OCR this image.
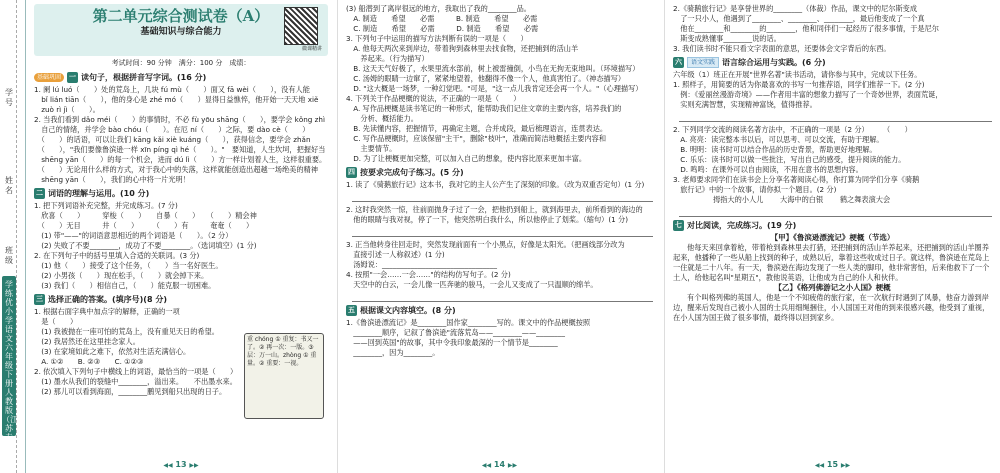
学号
姓名
班级
学练优小学语文六年级下册人教版（江苏专版）
第二单元综合测试卷（A）
基础知识与综合能力
微课精讲
考试时间：90 分钟　满分：100 分　成绩：
基础巩固	一 读句子，根据拼音写字词。(16 分)
1. 阑 lú luó（　　）处的荒岛上，几块 fú mù（　　）面又 fā wèi（　　），没有人能
　bǐ lián tiān（　　），他的身心是 zhé mó（　　）显得日益憔悴，他开始一天天地 xiě
　zuò rì jì（　　）。
2. 当我们看到 dǎo méi（　　）的事情时，不必 fù yōu shāng（　　），要学会 kǒng zhì
　自己的情绪，并学会 bào chóu（　　）。在厄 ní（　　）之际，要 dào cè（　　）
　（　　）的话语，可以让我们 kāng kǎi xiè kuáng（　　），获得信念，要学会 zhǎn
　（　　），"我们要像鲁滨逊一样 xīn píng qì hé（　　）。"　要知道，人生坎坷，把握好当
　shēng yān（　　）的每一个机会，进而 dú lì（　　）方一样计划着人生，这样很重要。
　（　　）无论用什么样的方式，对于我心中的失落，这样就能创造出超越一场绝美的精神
　shēng yān（　　），我们的心中将一片光明！
二 词语的理解与运用。(10 分)
1. 把下列词语补充完整，并完成练习。(7 分)
　欣喜（　　）　　　穿梭（　　）　　自暴（　　）　　（　　）精会神
　（　　）无目　　　井（　　）　　　（　　）有　　　奄奄（　　）
　(1) 带"——"的词语意思相近的两个词语是（　　）。（2 分）
　(2) 失败了不要________，成功了不要________。（选词填空）(1 分)
2. 在下列句子中的括号里填入合适的关联词。(3 分)
　(1) 他（　　）接受了这个任务，（　　）当一名好医生。
　(2) 小男孩（　　）现在松手，（　　）就会掉下来。
　(3) 我们（　　）相信自己，（　　）能克服一切困难。
三 选择正确的答案。(填序号)(8 分)
1. 根据右面字典中加点字的解释，正确的一项
　是（　　）
　(1) 我被抛在一座可怕的荒岛上，没有重见天日的希望。
　(2) 我居然还在这里挂念家人。
　(3) 在家境如此之难下，依然对生活充满信心。
　A. ①②　　B. ②③　　C. ①②③
2. 依次填入下列句子中横线上的词语，最恰当的一项是（　　）
　(1) 墨水从我们的裂缝中________，溢出来。　　不出墨水来。
　(2) 那儿可以看到海面，________鹏见到船只出现的日子。
重 chóng ① 重复：书又一了。② 再一次：一版。③ 层：万一山。zhòng ① 重量。② 重要：一视。
◀◀ 13 ▶▶
(3) 船潜到了离岸很远的地方，我取出了我的________品。
　A. 制造　　希望　　必需　　　B. 制造　　希望　　必需
　C. 制造　　希望　　必需　　　D. 制造　　希望　　必需
3. 下列句子中运用的描写方法判断有误的一项是（　　）
　A. 他每天两次来到岸边，带着狗到森林里去找食物，还把捕到的活山羊
　　养起来。（行为描写）
　B. 这天天气好极了，水果里流水部前，树上被雷撞倒，小鸟在无拘无束地叫。（环境描写）
　C. 汤姆的眼睛一边窜了，紧紧地望着，他翻得不像一个人，他真害怕了。（神态描写）
　D. "这大概是一场梦，一种幻觉吧。"可是，"这一点儿我肯定还会再一个人。"（心理描写）
4. 下列关于作品梗概的说法，不正确的一项是（　　）
　A. 写作品梗概是读书笔记的一种形式，能帮助我们记住文章的主要内容，培养我们的
　　分析、概括能力。
　B. 先读懂内容，把握情节，再确定主题，合并成段，最后梳理语言，连贯表达。
　C. 写作品梗概时，应该保留"主干"，删除"枝叶"，准确而简洁地概括主要内容和
　　主要情节。
　D. 为了让梗概更加完整，可以加入自己的想象，使内容比原来更加丰富。
四 按要求完成句子练习。(5 分)
1. 读了《骑鹅旅行记》这本书，我对它的主人公产生了深刻的印象。（改为双重否定句）(1 分)
2. 这时我突然一惊，往前面抛身子过了一会，把他扔到船上，就到海里去，前所看到的海边的
　他的眼睛与我对视，停了一下，他突然明白我什么，所以他停止了划桨。（缩句）(1 分)
3. 正当他转身往回走时，突然发现前面有一个小黑点，好像是太阳光。（把画线部分改为
　直接引述一人称叙述）(1 分)
　汤姆说：________________________________
4. 按照"一会……一会……"的结构仿写句子。(2 分)
　天空中的白云，一会儿像一匹奔驰的骏马，一会儿又变成了一只温顺的绵羊。
五 根据课文内容填空。(8 分)
1.《鲁滨逊漂流记》是________国作家________写的。课文中的作品梗概按照
　________顺序，记叙了鲁滨逊"流落荒岛——________——________
　——回到英国"的故事，其中令我印象最深的一个情节是________
　________，因为________。
◀◀ 14 ▶▶
2.《骑鹅旅行记》是享誉世界的________（体裁）作品，课文中的尼尔斯变成
　了一只小人，他遇到了________、________、________，最后他变成了一个真
　他在________和________的________，他和同伴们一起经历了很多事情，于是尼尔
　斯变成熟懂事________说的话。
3. 我们读书时不能只看文字表面的意思，还要体会文字背后的东西。
六	语文实践 语言综合运用与实践。(6 分)
六年级（1）班正在开展"世界名著"读书活动，请你参与其中，完成以下任务。
1. 照样子，用简要的话为你最喜欢的书写一句推荐语，同学们推荐一下。(2 分)
　例：《爱丽丝漫游奇境》——作者用丰富的想象力描写了一个奇妙世界，表面荒诞，
　实则充满智慧，实现精神富饶，值得推荐。
2. 下列同学交流的阅读名著方法中，不正确的一项是（2 分）　　　（　　）
　A. 亮亮：读完整本书以后，可以思考、可以交流，有助于理解。
　B. 明明：读书时可以结合作品的历史背景，帮助更好地理解。
　C. 乐乐：读书时可以做一些批注，写出自己的感受，提升阅读的能力。
　D. 鸣鸣：在课外可以自由阅读，不用在意书的思想内容。
3. 老师要求同学们在读书会上分享名著阅读心得，你打算为同学们分享《骑鹅
　旅行记》中的一个故事，请你拟一个题目。(2 分)
拇指大的小人儿　　 大海中的白银　　 鹤之舞表演大会
七 对比阅读，完成练习。(19 分)
【甲】《鲁滨逊漂流记》梗概（节选）
他每天来回拿着枪，带着枪到森林里去打猎，还把捕到的活山羊养起来，还把捕到的活山羊圈养起来，他播种了一些从船上找到的种子，成熟以后，靠着这些收成过日子。就这样，鲁滨逊在荒岛上一住就是二十八年。有一天，鲁滨逊在海边发现了一些人类的脚印，他非常害怕，后来他救下了一个土人，给他起名叫"星期五"，教他说英语，让他成为自己的仆人和伙伴。
【乙】《格列佛游记之小人国》梗概
有个叫格列佛的英国人，他是一个不知疲倦的旅行家，在一次航行时遇到了风暴，他奋力游到岸边，醒来后发现自己被小人国的士兵用细绳捆住，小人国国王对他的到来很感兴趣，他受到了重视，在小人国为国王做了很多事情，最终得以回到家乡。
◀◀ 15 ▶▶
